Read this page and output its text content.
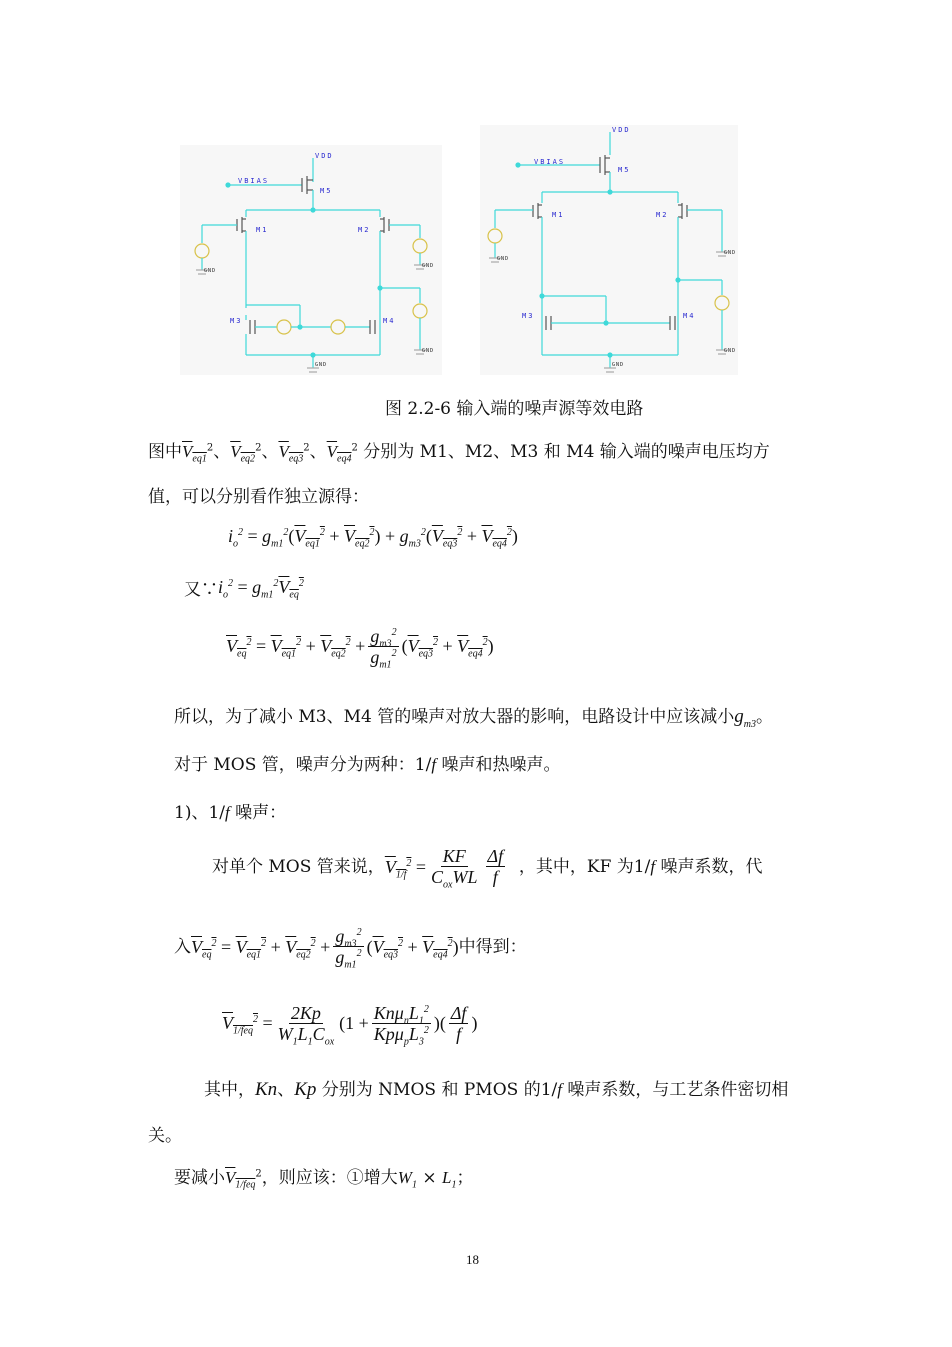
VDD
VBIAS
M5
M1	M2
M3	M4
VDD
VBIAS
M5
M1	M2
M3	M4
GND
GND
GND
GND
GND
GND
GND
GND
图 2.2-6 输入端的噪声源等效电路
图中$V_{eq1}^2$、$V_{eq2}^2$、$V_{eq3}^2$、$V_{eq4}^2$ 分别为 M1、M2、M3 和 M4 输入端的噪声电压均方
值，可以分别看作独立源得：
$i_o^2 = g_{m1}^2$ ( $V_{eq1}^2 + V_{eq2}^2$ ) + $g_{m3}^2$ ( $V_{eq3}^2 + V_{eq4}^2$ )
又∵ $i_o^2 = g_{m1}^2$ $V_{eq}^2$
$V_{eq}^2 = V_{eq1}^2 + V_{eq2}^2 + \frac{g_{m3}^2}{g_{m1}^2}$ ( $V_{eq3}^2 + V_{eq4}^2$ )
所以，为了减小 M3、M4 管的噪声对放大器的影响，电路设计中应该减小$g_{m3}$。
对于 MOS 管，噪声分为两种：1/f 噪声和热噪声。
1)、1/f 噪声：
对单个 MOS 管来说， $V_{1/f}^2 = \frac{KF}{C_{ox}WL} \frac{\Delta f}{f}$
，其中，KF 为1/ f
噪声系数，代
入 $V_{eq}^2 = V_{eq1}^2 + V_{eq2}^2 + \frac{g_{m3}^2}{g_{m1}^2}$ ( $V_{eq3}^2 + V_{eq4}^2$ ) 中得到：
$V_{1/feq}^2 = \frac{2Kp}{W_1L_1C_{ox}} (1 + \frac{Kn\mu_nL_1^2}{Kp\mu_pL_3^2}$ )( $\frac{\Delta f}{f}$ )
其中，Kn、Kp 分别为 NMOS 和 PMOS 的1/f 噪声系数，与工艺条件密切相
关。
要减小$V_{1/feq}^2$，则应该：①增大$W_1 \times L_1$；
18
